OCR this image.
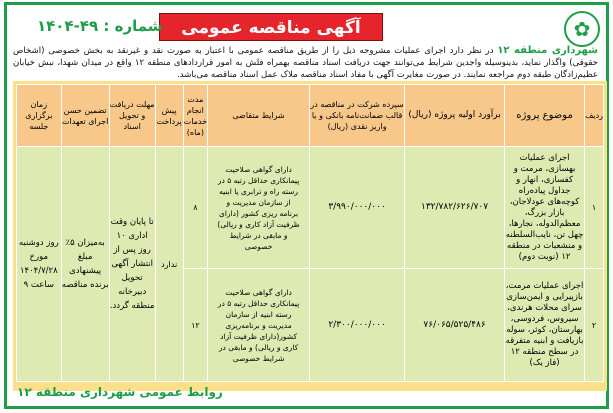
✿
آگهی مناقصه عمومی
شماره : ۴۹-۱۴۰۴
شهرداری منطقه ۱۲ در نظر دارد اجرای عملیات مشروحه ذیل را از طریق مناقصه عمومی با اعتبار به صورت نقد و غیرنقد به بخش خصوصی (اشخاص حقوقی) واگذار نماید، بدینوسیله واجدین شرایط می‌توانند جهت دریافت اسناد مناقصه بهمراه فلش به امور قراردادهای منطقه ۱۲ واقع در میدان شهدا، نبش خیابان عظیم‌زادگان طبقه دوم مراجعه نمایند. در صورت مغایرت آگهی با مفاد اسناد مناقصه ملاک عمل اسناد مناقصه می‌باشد.
ردیف	موضوع پروژه	برآورد اولیه پروژه (ریال)	سپرده شرکت در مناقصه در قالب ضمانت‌نامه بانکی و یا واریز نقدی (ریال)	شرایط متقاضی	مدت انجام خدمات (ماه)	پیش پرداخت	مهلت دریافت و تحویل اسناد	تضمین حسن اجرای تعهدات	زمان برگزاری جلسه
۱	اجرای عملیات بهسازی، مرمت و کفسازی، انهار و جداول پیاده‌راه کوچه‌های عودلاجان، بازار بزرگ، معظم‌الدوله، نجارها، چهل تن، نایب‌السلطنه و منشعبات در منطقه ۱۲ (نوبت دوم)	۱۳۲/۷۸۲/۶۲۶/۷۰۷	۳/۹۹۰/۰۰۰/۰۰۰	دارای گواهی صلاحیت پیمانکاری حداقل رتبه ۵ در رسته راه و ترابری یا ابنیه از سازمان مدیریت و برنامه ریزی کشور (دارای ظرفیت آزاد کاری و ریالی) و مابقی در شرایط خصوصی	۸	ندارد	تا پایان وقت اداری ۱۰ روز پس از انتشار آگهی تحویل دبیرخانه منطقه گردد.	به‌میزان ۵٪ مبلغ پیشنهادی برنده مناقصه	روز دوشنبه مورخ ۱۴۰۴/۷/۲۸ ساعت ۹
۲	اجرای عملیات مرمت، بازپیرایی و ایمن‌سازی سرای محلات هرندی، سیروس، فردوسی، بهارستان، کوثر، سوله بازیافت و ابنیه متفرقه در سطح منطقه ۱۲ (فاز یک)	۷۶/۰۶۵/۵۲۵/۴۸۶	۲/۳۰۰/۰۰۰/۰۰۰	دارای گواهی صلاحیت پیمانکاری حداقل رتبه ۵ در رسته ابنیه از سازمان مدیریت و برنامه‌ریزی کشور(دارای ظرفیت آزاد کاری و ریالی) و مابقی در شرایط خصوصی	۱۲				
روابط عمومی شهرداری منطقه ۱۲
